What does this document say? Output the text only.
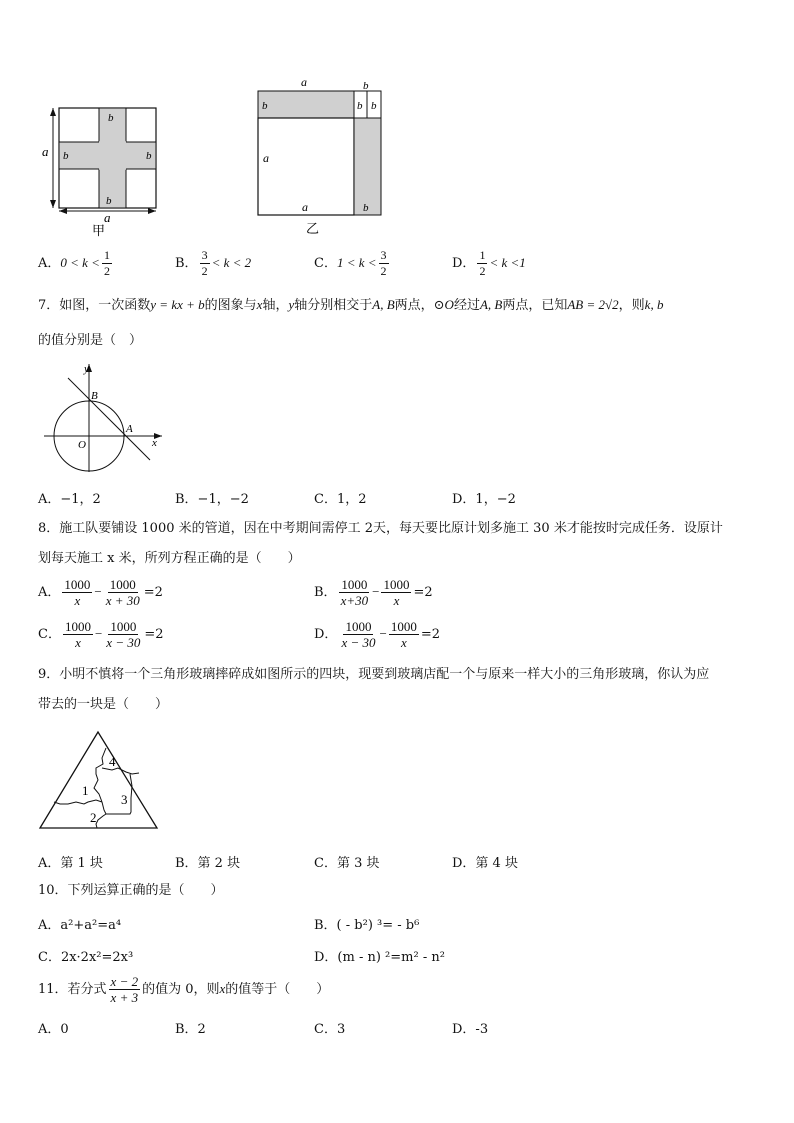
a
b
b	b
b
a
甲
a	b
b	b b
a
a	b
乙
A．$0 < k < \frac{1}{2}$	B． $\frac{3}{2} < k < 2$	C．$1 < k < \frac{3}{2}$	D． $\frac{1}{2} < k <1$
7．如图，一次函数y = kx + b的图象与x轴，y轴分别相交于A, B两点，⊙O经过A, B两点，已知AB = 2√2，则k, b
的值分别是（　）
y
x
B
A
O
A．−1，2	B．−1，−2	C．1，2	D．1，−2
8．施工队要铺设 1000 米的管道，因在中考期间需停工 2天，每天要比原计划多施工 30 米才能按时完成任务．设原计
划每天施工 x 米，所列方程正确的是（　　）
A． $\frac{1000}{x} - \frac{1000}{x + 30} =2$	B． $\frac{1000}{x+30} - \frac{1000}{x} =2$
C． $\frac{1000}{x} - \frac{1000}{x - 30} =2$	D． $\frac{1000}{x - 30} - \frac{1000}{x} =2$
9．小明不慎将一个三角形玻璃摔碎成如图所示的四块，现要到玻璃店配一个与原来一样大小的三角形玻璃，你认为应
带去的一块是（　　）
4
1
3
2
A．第 1 块	B．第 2 块	C．第 3 块	D．第 4 块
10．下列运算正确的是（　　）
A．a²+a²=a⁴	B．( - b²) ³= - b⁶
C．2x·2x²=2x³	D．(m - n) ²=m² - n²
11．若分式 $\frac{x - 2}{x + 3}$ 的值为 0，则x的值等于（　　）
A．0	B．2	C．3	D．-3
